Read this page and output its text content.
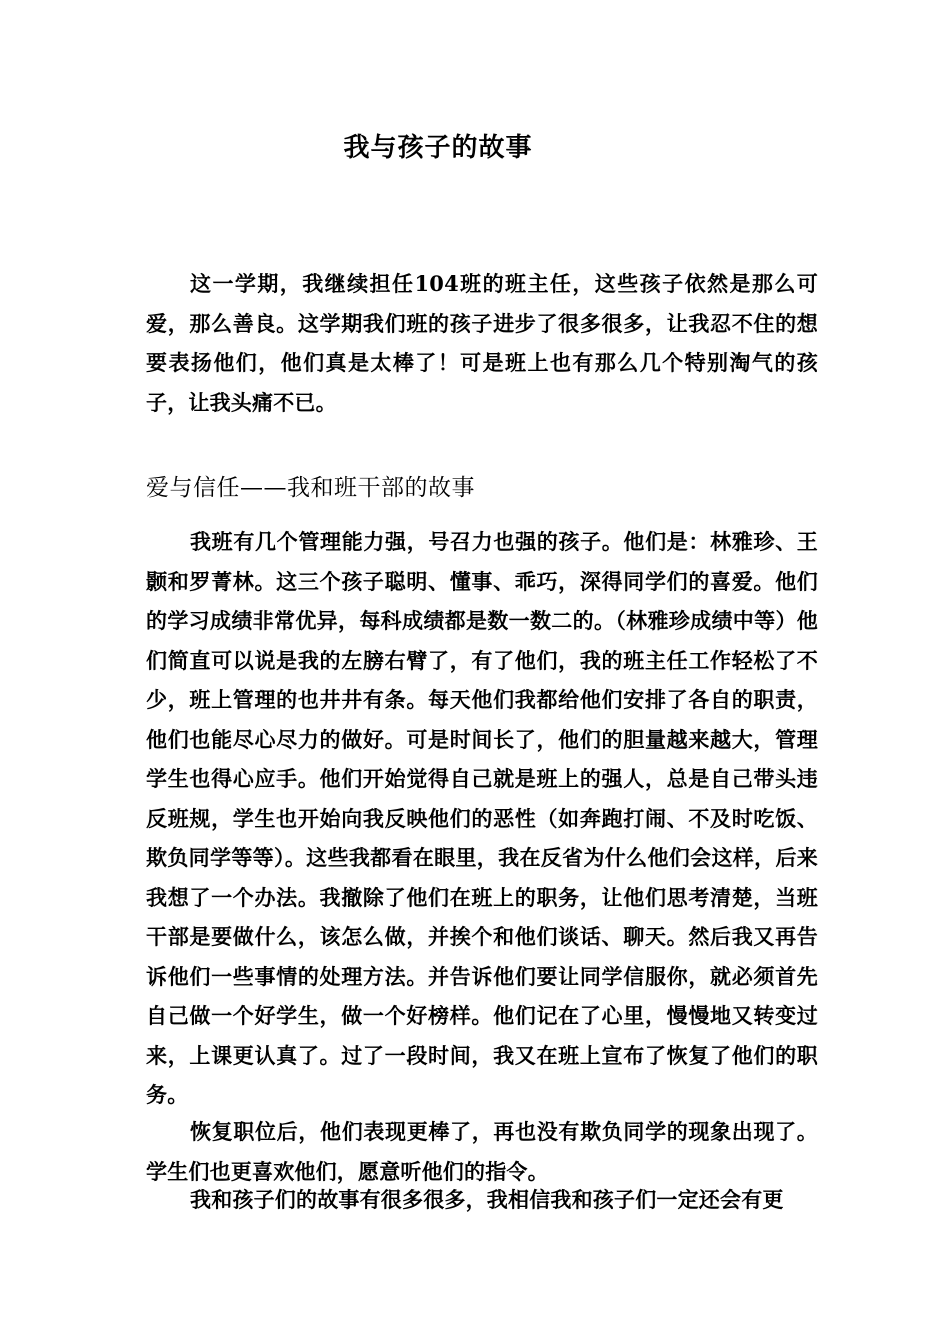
我与孩子的故事

这一学期，我继续担任104班的班主任，这些孩子依然是那么可爱，那么善良。这学期我们班的孩子进步了很多很多，让我忍不住的想要表扬他们，他们真是太棒了！可是班上也有那么几个特别淘气的孩子，让我头痛不已。

爱与信任——我和班干部的故事

我班有几个管理能力强，号召力也强的孩子。他们是：林雅珍、王颢和罗菁林。这三个孩子聪明、懂事、乖巧，深得同学们的喜爱。他们的学习成绩非常优异，每科成绩都是数一数二的。（林雅珍成绩中等）他们简直可以说是我的左膀右臂了，有了他们，我的班主任工作轻松了不少，班上管理的也井井有条。每天他们我都给他们安排了各自的职责，他们也能尽心尽力的做好。可是时间长了，他们的胆量越来越大，管理学生也得心应手。他们开始觉得自己就是班上的强人，总是自己带头违反班规，学生也开始向我反映他们的恶性（如奔跑打闹、不及时吃饭、欺负同学等等）。这些我都看在眼里，我在反省为什么他们会这样，后来我想了一个办法。我撤除了他们在班上的职务，让他们思考清楚，当班干部是要做什么，该怎么做，并挨个和他们谈话、聊天。然后我又再告诉他们一些事情的处理方法。并告诉他们要让同学信服你，就必须首先自己做一个好学生，做一个好榜样。他们记在了心里，慢慢地又转变过来，上课更认真了。过了一段时间，我又在班上宣布了恢复了他们的职务。

恢复职位后，他们表现更棒了，再也没有欺负同学的现象出现了。学生们也更喜欢他们，愿意听他们的指令。

我和孩子们的故事有很多很多，我相信我和孩子们一定还会有更
